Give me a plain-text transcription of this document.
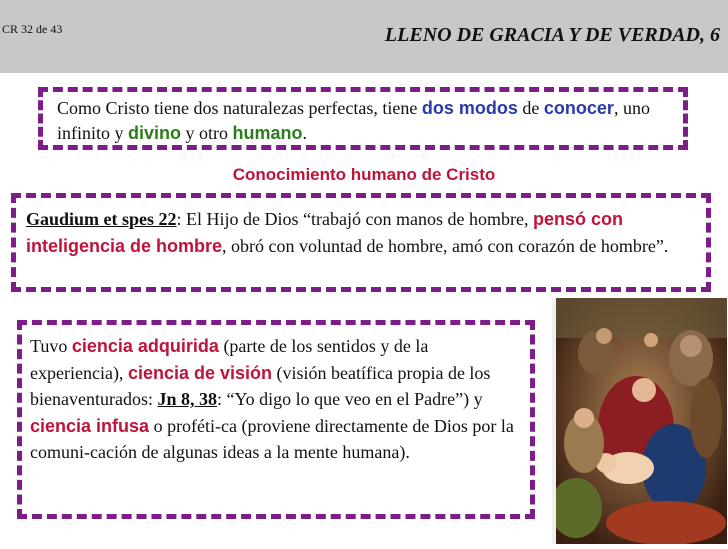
CR 32 de 43	LLENO DE GRACIA Y DE VERDAD, 6
Como Cristo tiene dos naturalezas perfectas, tiene dos modos de conocer, uno infinito y divino y otro humano.
Conocimiento humano de Cristo
Gaudium et spes 22: El Hijo de Dios “trabajó con manos de hombre, pensó con inteligencia de hombre, obró con voluntad de hombre, amó con corazón de hombre”.
Tuvo ciencia adquirida (parte de los sentidos y de la experiencia), ciencia de visión (visión beatífica propia de los bienaventurados: Jn 8, 38: “Yo digo lo que veo en el Padre”) y ciencia infusa o proféti-ca (proviene directamente de Dios por la comuni-cación de algunas ideas a la mente humana).
